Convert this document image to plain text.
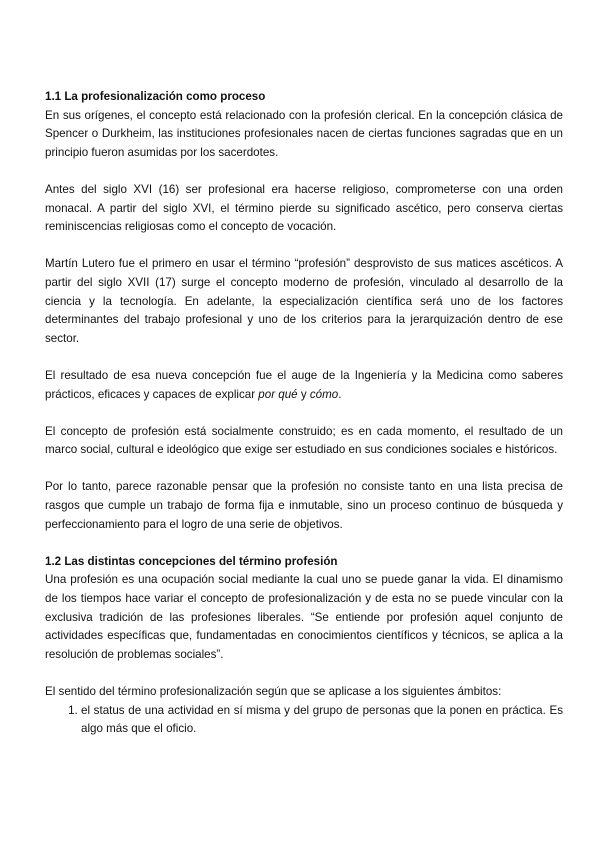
1.1 La profesionalización como proceso

En sus orígenes, el concepto está relacionado con la profesión clerical. En la concepción clásica de Spencer o Durkheim, las instituciones profesionales nacen de ciertas funciones sagradas que en un principio fueron asumidas por los sacerdotes.

Antes del siglo XVI (16) ser profesional era hacerse religioso, comprometerse con una orden monacal. A partir del siglo XVI, el término pierde su significado ascético, pero conserva ciertas reminiscencias religiosas como el concepto de vocación.

Martín Lutero fue el primero en usar el término “profesión” desprovisto de sus matices ascéticos. A partir del siglo XVII (17) surge el concepto moderno de profesión, vinculado al desarrollo de la ciencia y la tecnología. En adelante, la especialización científica será uno de los factores determinantes del trabajo profesional y uno de los criterios para la jerarquización dentro de ese sector.

El resultado de esa nueva concepción fue el auge de la Ingeniería y la Medicina como saberes prácticos, eficaces y capaces de explicar por qué y cómo.

El concepto de profesión está socialmente construido; es en cada momento, el resultado de un marco social, cultural e ideológico que exige ser estudiado en sus condiciones sociales e históricos.

Por lo tanto, parece razonable pensar que la profesión no consiste tanto en una lista precisa de rasgos que cumple un trabajo de forma fija e inmutable, sino un proceso continuo de búsqueda y perfeccionamiento para el logro de una serie de objetivos.

1.2 Las distintas concepciones del término profesión

Una profesión es una ocupación social mediante la cual uno se puede ganar la vida. El dinamismo de los tiempos hace variar el concepto de profesionalización y de esta no se puede vincular con la exclusiva tradición de las profesiones liberales. “Se entiende por profesión aquel conjunto de actividades específicas que, fundamentadas en conocimientos científicos y técnicos, se aplica a la resolución de problemas sociales”.

El sentido del término profesionalización según que se aplicase a los siguientes ámbitos:

1. el status de una actividad en sí misma y del grupo de personas que la ponen en práctica. Es algo más que el oficio.
